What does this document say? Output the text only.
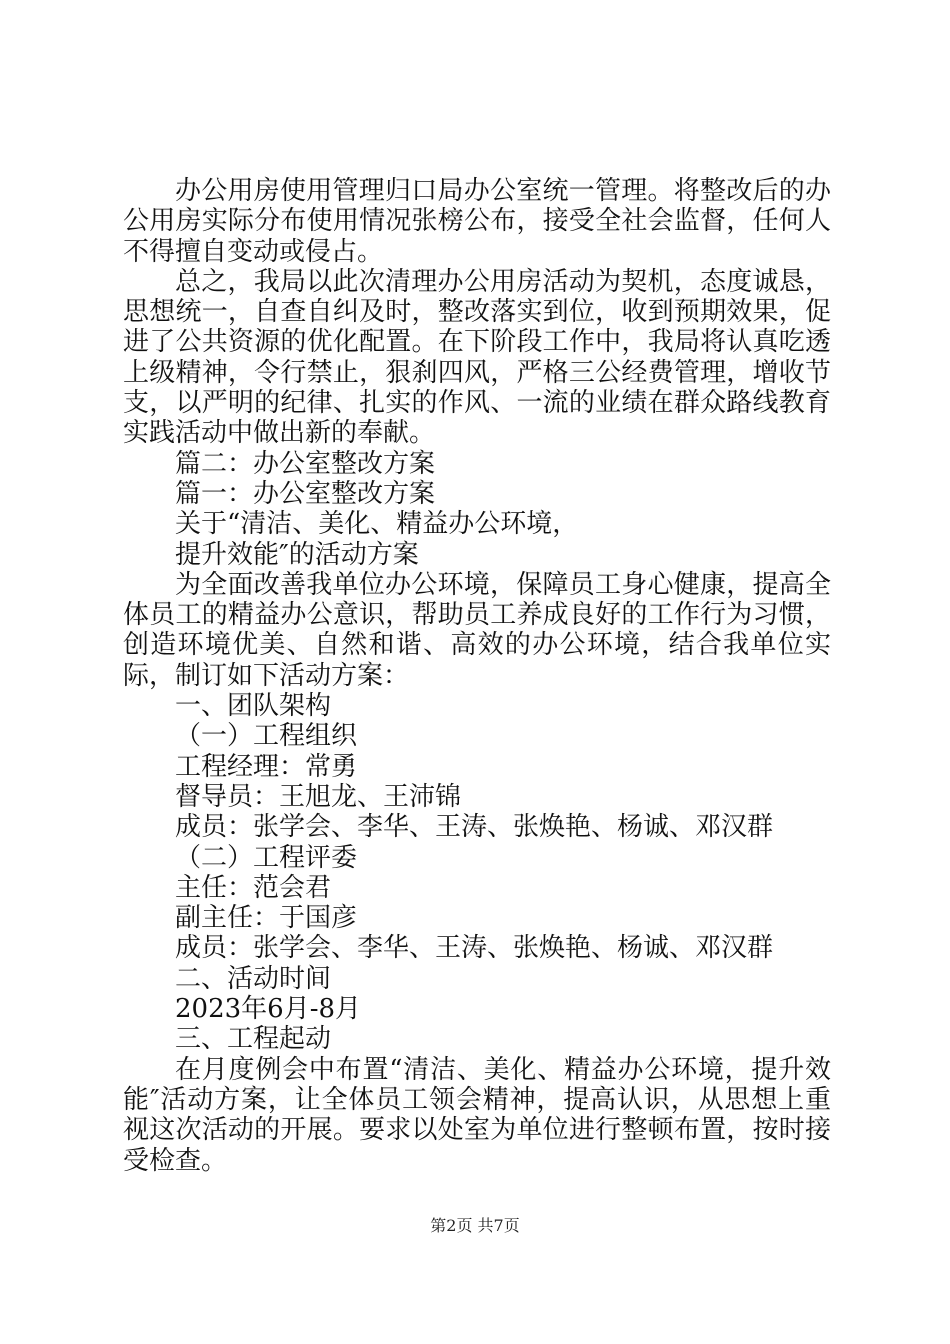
办公用房使用管理归口局办公室统一管理。将整改后的办公用房实际分布使用情况张榜公布，接受全社会监督，任何人不得擅自变动或侵占。

总之，我局以此次清理办公用房活动为契机，态度诚恳，思想统一，自查自纠及时，整改落实到位，收到预期效果，促进了公共资源的优化配置。在下阶段工作中，我局将认真吃透上级精神，令行禁止，狠刹四风，严格三公经费管理，增收节支，以严明的纪律、扎实的作风、一流的业绩在群众路线教育实践活动中做出新的奉献。

篇二：办公室整改方案

篇一：办公室整改方案

关于“清洁、美化、精益办公环境，

提升效能″的活动方案

为全面改善我单位办公环境，保障员工身心健康，提高全体员工的精益办公意识，帮助员工养成良好的工作行为习惯，创造环境优美、自然和谐、高效的办公环境，结合我单位实际，制订如下活动方案：

一、团队架构

（一）工程组织

工程经理：常勇

督导员：王旭龙、王沛锦

成员：张学会、李华、王涛、张焕艳、杨诚、邓汉群

（二）工程评委

主任：范会君

副主任：于国彦

成员：张学会、李华、王涛、张焕艳、杨诚、邓汉群

二、活动时间

2023年6月-8月

三、工程起动

在月度例会中布置“清洁、美化、精益办公环境，提升效能″活动方案，让全体员工领会精神，提高认识，从思想上重视这次活动的开展。要求以处室为单位进行整顿布置，按时接受检查。

第2页 共7页
